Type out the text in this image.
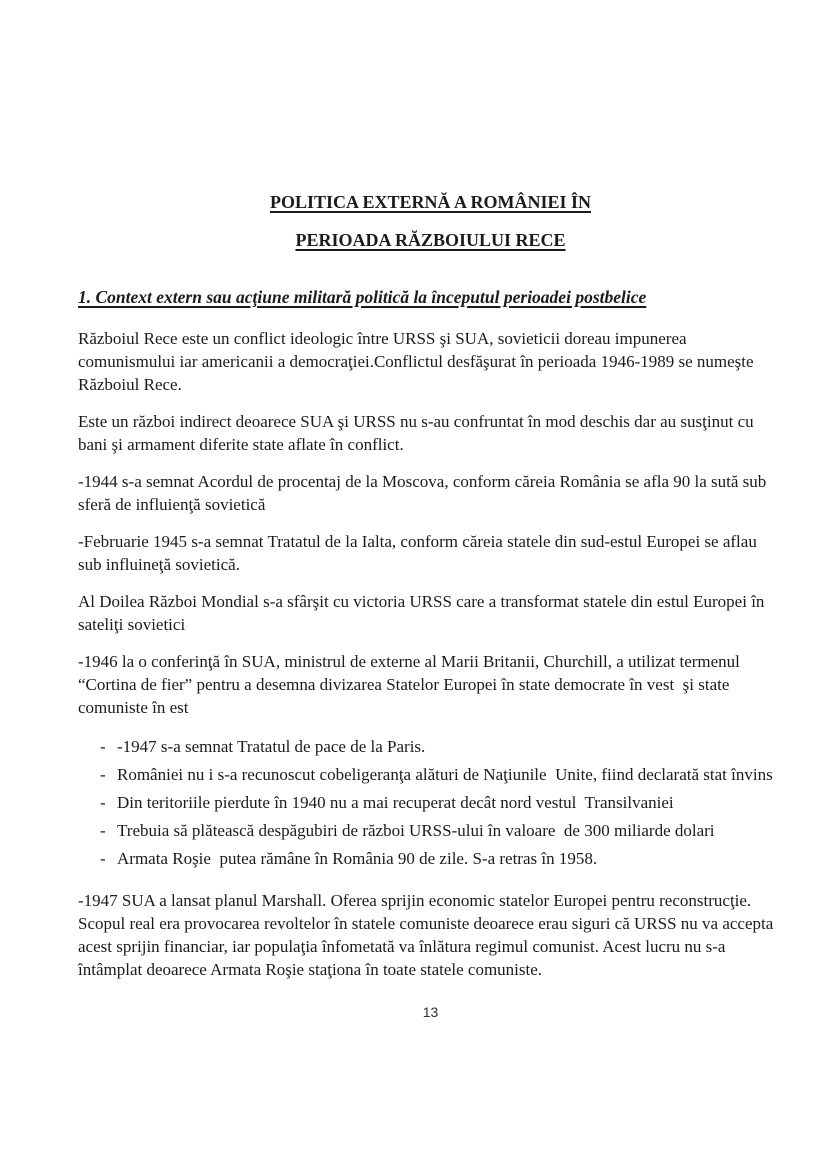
POLITICA EXTERNĂ A ROMÂNIEI ÎN
PERIOADA RĂZBOIULUI RECE
1. Context extern sau acţiune militară politică la începutul perioadei postbelice

Războiul Rece este un conflict ideologic între URSS şi SUA, sovieticii doreau impunerea comunismului iar americanii a democraţiei.Conflictul desfăşurat în perioada 1946-1989 se numeşte Războiul Rece.

Este un război indirect deoarece SUA şi URSS nu s-au confruntat în mod deschis dar au susţinut cu bani şi armament diferite state aflate în conflict.

-1944 s-a semnat Acordul de procentaj de la Moscova, conform căreia România se afla 90 la sută sub sferă de influienţă sovietică

-Februarie 1945 s-a semnat Tratatul de la Ialta, conform căreia statele din sud-estul Europei se aflau sub influineţă sovietică.

Al Doilea Război Mondial s-a sfârşit cu victoria URSS care a transformat statele din estul Europei în sateliţi sovietici

-1946 la o conferinţă în SUA, ministrul de externe al Marii Britanii, Churchill, a utilizat termenul “Cortina de fier” pentru a desemna divizarea Statelor Europei în state democrate în vest  şi state comuniste în est

- -1947 s-a semnat Tratatul de pace de la Paris.
- României nu i s-a recunoscut cobeligeranţa alături de Naţiunile  Unite, fiind declarată stat învins
- Din teritoriile pierdute în 1940 nu a mai recuperat decât nord vestul  Transilvaniei
- Trebuia să plătească despăgubiri de război URSS-ului în valoare  de 300 miliarde dolari
- Armata Roşie  putea rămâne în România 90 de zile. S-a retras în 1958.

-1947 SUA a lansat planul Marshall. Oferea sprijin economic statelor Europei pentru reconstrucţie. Scopul real era provocarea revoltelor în statele comuniste deoarece erau siguri că URSS nu va accepta acest sprijin financiar, iar populaţia înfometată va înlătura regimul comunist. Acest lucru nu s-a întâmplat deoarece Armata Roşie staţiona în toate statele comuniste.

13
